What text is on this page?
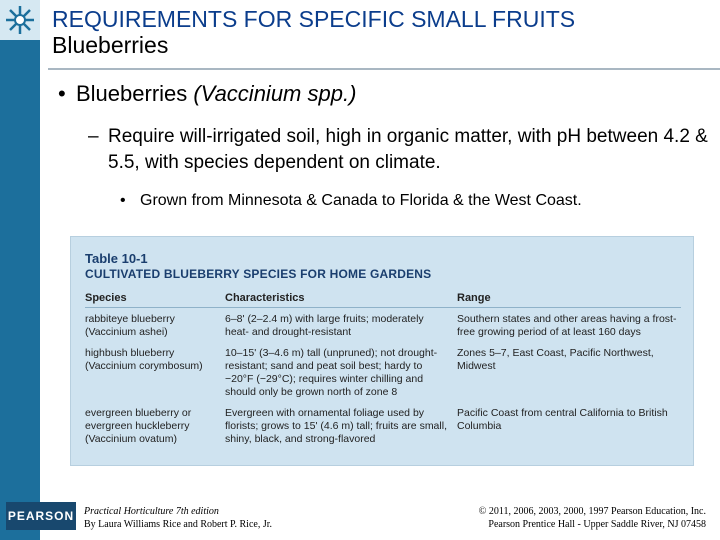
REQUIREMENTS FOR SPECIFIC SMALL FRUITS
Blueberries
• Blueberries (Vaccinium spp.)
– Require will-irrigated soil, high in organic matter, with pH between 4.2 & 5.5, with species dependent on climate.
• Grown from Minnesota & Canada to Florida & the West Coast.
Table 10-1
CULTIVATED BLUEBERRY SPECIES FOR HOME GARDENS
Species	Characteristics	Range
rabbiteye blueberry (Vaccinium ashei)
6–8' (2–2.4 m) with large fruits; moderately heat- and drought-resistant
Southern states and other areas having a frost-free growing period of at least 160 days
highbush blueberry (Vaccinium corymbosum)
10–15' (3–4.6 m) tall (unpruned); not drought-resistant; sand and peat soil best; hardy to −20°F (−29°C); requires winter chilling and should only be grown north of zone 8
Zones 5–7, East Coast, Pacific Northwest, Midwest
evergreen blueberry or evergreen huckleberry (Vaccinium ovatum)
Evergreen with ornamental foliage used by florists; grows to 15' (4.6 m) tall; fruits are small, shiny, black, and strong-flavored
Pacific Coast from central California to British Columbia
PEARSON Practical Horticulture 7th edition
By Laura Williams Rice and Robert P. Rice, Jr.
© 2011, 2006, 2003, 2000, 1997 Pearson Education, Inc.
Pearson Prentice Hall - Upper Saddle River, NJ 07458
